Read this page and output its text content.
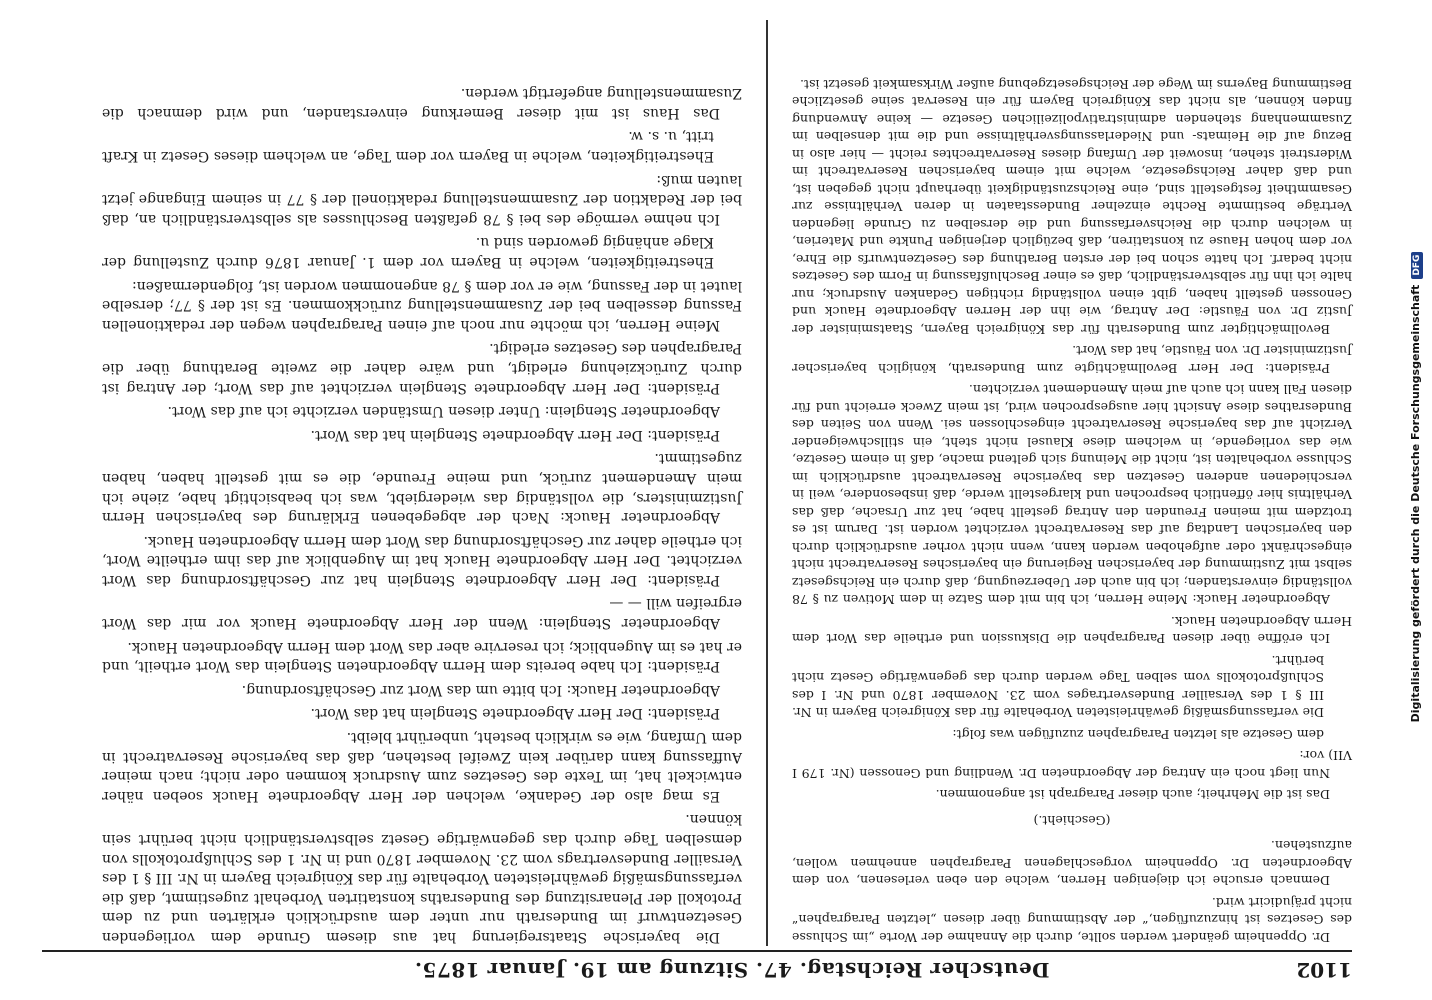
1102
Deutscher Reichstag. 47. Sitzung am 19. Januar 1875.

Dr. Oppenheim geändert werden sollte, durch die Annahme der Worte „im Schlusse des Gesetzes ist hinzuzufügen,“ der Abstimmung über diesen „letzten Paragraphen“ nicht präjudicirt wird.

Demnach ersuche ich diejenigen Herren, welche den eben verlesenen, von dem Abgeordneten Dr. Oppenheim vorgeschlagenen Paragraphen annehmen wollen, aufzustehen.

(Geschieht.)

Das ist die Mehrheit; auch dieser Paragraph ist angenommen.

Nun liegt noch ein Antrag der Abgeordneten Dr. Wendling und Genossen (Nr. 179 I VII) vor:

dem Gesetze als letzten Paragraphen zuzufügen was folgt:

Die verfassungsmäßig gewährleisteten Vorbehalte für das Königreich Bayern in Nr. III § 1 des Versailler Bundesvertrages vom 23. November 1870 und Nr. I des Schlußprotokolls vom selben Tage werden durch das gegenwärtige Gesetz nicht berührt.

Ich eröffne über diesen Paragraphen die Diskussion und ertheile das Wort dem Herrn Abgeordneten Hauck.

Abgeordneter Hauck: Meine Herren, ich bin mit dem Satze in dem Motiven zu § 78 vollständig einverstanden; ich bin auch der Ueberzeugung, daß durch ein Reichsgesetz selbst mit Zustimmung der bayerischen Regierung ein bayerisches Reservatrecht nicht eingeschränkt oder aufgehoben werden kann, wenn nicht vorher ausdrücklich durch den bayerischen Landtag auf das Reservatrecht verzichtet worden ist. Darum ist es trotzdem mit meinen Freunden den Antrag gestellt habe, hat zur Ursache, daß das Verhältnis hier öffentlich besprochen und klargestellt werde, daß insbesondere, weil in verschiedenen anderen Gesetzen das bayerische Reservatrecht ausdrücklich im Schlusse vorbehalten ist, nicht die Meinung sich geltend mache, daß in einem Gesetze, wie das vorliegende, in welchem diese Klausel nicht steht, ein stillschweigender Verzicht auf das bayerische Reservatrecht eingeschlossen sei. Wenn von Seiten des Bundesrathes diese Ansicht hier ausgesprochen wird, ist mein Zweck erreicht und für diesen Fall kann ich auch auf mein Amendement verzichten.

Präsident: Der Herr Bevollmächtigte zum Bundesrath, königlich bayerischer Justizminister Dr. von Fäustle, hat das Wort.

Bevollmächtigter zum Bundesrath für das Königreich Bayern, Staatsminister der Justiz Dr. von Fäustle: Der Antrag, wie ihn der Herren Abgeordnete Hauck und Genossen gestellt haben, gibt einen vollständig richtigen Gedanken Ausdruck; nur halte ich ihn für selbstverständlich, daß es einer Beschlußfassung in Form des Gesetzes nicht bedarf. Ich hatte schon bei der ersten Berathung des Gesetzentwurfs die Ehre, vor dem hohen Hause zu konstatiren, daß bezüglich derjenigen Punkte und Materien, in welchen durch die Reichsverfassung und die derselben zu Grunde liegenden Verträge bestimmte Rechte einzelner Bundesstaaten in deren Verhältnisse zur Gesammtheit festgestellt sind, eine Reichszuständigkeit überhaupt nicht gegeben ist, und daß daher Reichsgesetze, welche mit einem bayerischen Reservatrecht im Widerstreit stehen, insoweit der Umfang dieses Reservatrechtes reicht — hier also in Bezug auf die Heimats- und Niederlassungsverhältnisse und die mit denselben im Zusammenhang stehenden administrativpolizeilichen Gesetze — keine Anwendung finden können, als nicht das Königreich Bayern für ein Reservat seine gesetzliche Bestimmung Bayerns im Wege der Reichsgesetzgebung außer Wirksamkeit gesetzt ist.

Die bayerische Staatsregierung hat aus diesem Grunde dem vorliegenden Gesetzentwurf im Bundesrath nur unter dem ausdrücklich erklärten und zu dem Protokoll der Plenarsitzung des Bundesraths konstatirten Vorbehalt zugestimmt, daß die verfassungsmäßig gewährleisteten Vorbehalte für das Königreich Bayern in Nr. III § 1 des Versailler Bundesvertrags vom 23. November 1870 und in Nr. 1 des Schlußprotokolls von demselben Tage durch das gegenwärtige Gesetz selbstverständlich nicht berührt sein können.

Es mag also der Gedanke, welchen der Herr Abgeordnete Hauck soeben näher entwickelt hat, im Texte des Gesetzes zum Ausdruck kommen oder nicht; nach meiner Auffassung kann darüber kein Zweifel bestehen, daß das bayerische Reservatrecht in dem Umfang, wie es wirklich besteht, unberührt bleibt.

Präsident: Der Herr Abgeordnete Stenglein hat das Wort.

Abgeordneter Hauck: Ich bitte um das Wort zur Geschäftsordnung.

Präsident: Ich habe bereits dem Herrn Abgeordneten Stenglein das Wort ertheilt, und er hat es im Augenblick; ich reservire aber das Wort dem Herrn Abgeordneten Hauck.

Abgeordneter Stenglein: Wenn der Herr Abgeordnete Hauck vor mir das Wort ergreifen will — —

Präsident: Der Herr Abgeordnete Stenglein hat zur Geschäftsordnung das Wort verzichtet. Der Herr Abgeordnete Hauck hat im Augenblick auf das ihm ertheilte Wort, ich ertheile daher zur Geschäftsordnung das Wort dem Herrn Abgeordneten Hauck.

Abgeordneter Hauck: Nach der abgegebenen Erklärung des bayerischen Herrn Justizministers, die vollständig das wiedergiebt, was ich beabsichtigt habe, ziehe ich mein Amendement zurück, und meine Freunde, die es mit gestellt haben, haben zugestimmt.

Präsident: Der Herr Abgeordnete Stenglein hat das Wort.

Abgeordneter Stenglein: Unter diesen Umständen verzichte ich auf das Wort.

Präsident: Der Herr Abgeordnete Stenglein verzichtet auf das Wort; der Antrag ist durch Zurückziehung erledigt, und wäre daher die zweite Berathung über die Paragraphen des Gesetzes erledigt.

Meine Herren, ich möchte nur noch auf einen Paragraphen wegen der redaktionellen Fassung desselben bei der Zusammenstellung zurückkommen. Es ist der § 77; derselbe lautet in der Fassung, wie er vor dem § 78 angenommen worden ist, folgendermaßen:

Ehestreitigkeiten, welche in Bayern vor dem 1. Januar 1876 durch Zustellung der Klage anhängig geworden sind u.

Ich nehme vermöge des bei § 78 gefaßten Beschlusses als selbstverständlich an, daß bei der Redaktion der Zusammenstellung redaktionell der § 77 in seinem Eingange jetzt lauten muß:

Ehestreitigkeiten, welche in Bayern vor dem Tage, an welchem dieses Gesetz in Kraft tritt, u. s. w.

Das Haus ist mit dieser Bemerkung einverstanden, und wird demnach die Zusammenstellung angefertigt werden.

Digitalisierung gefördert durch die Deutsche ForschungsgemeinschaftDFG
